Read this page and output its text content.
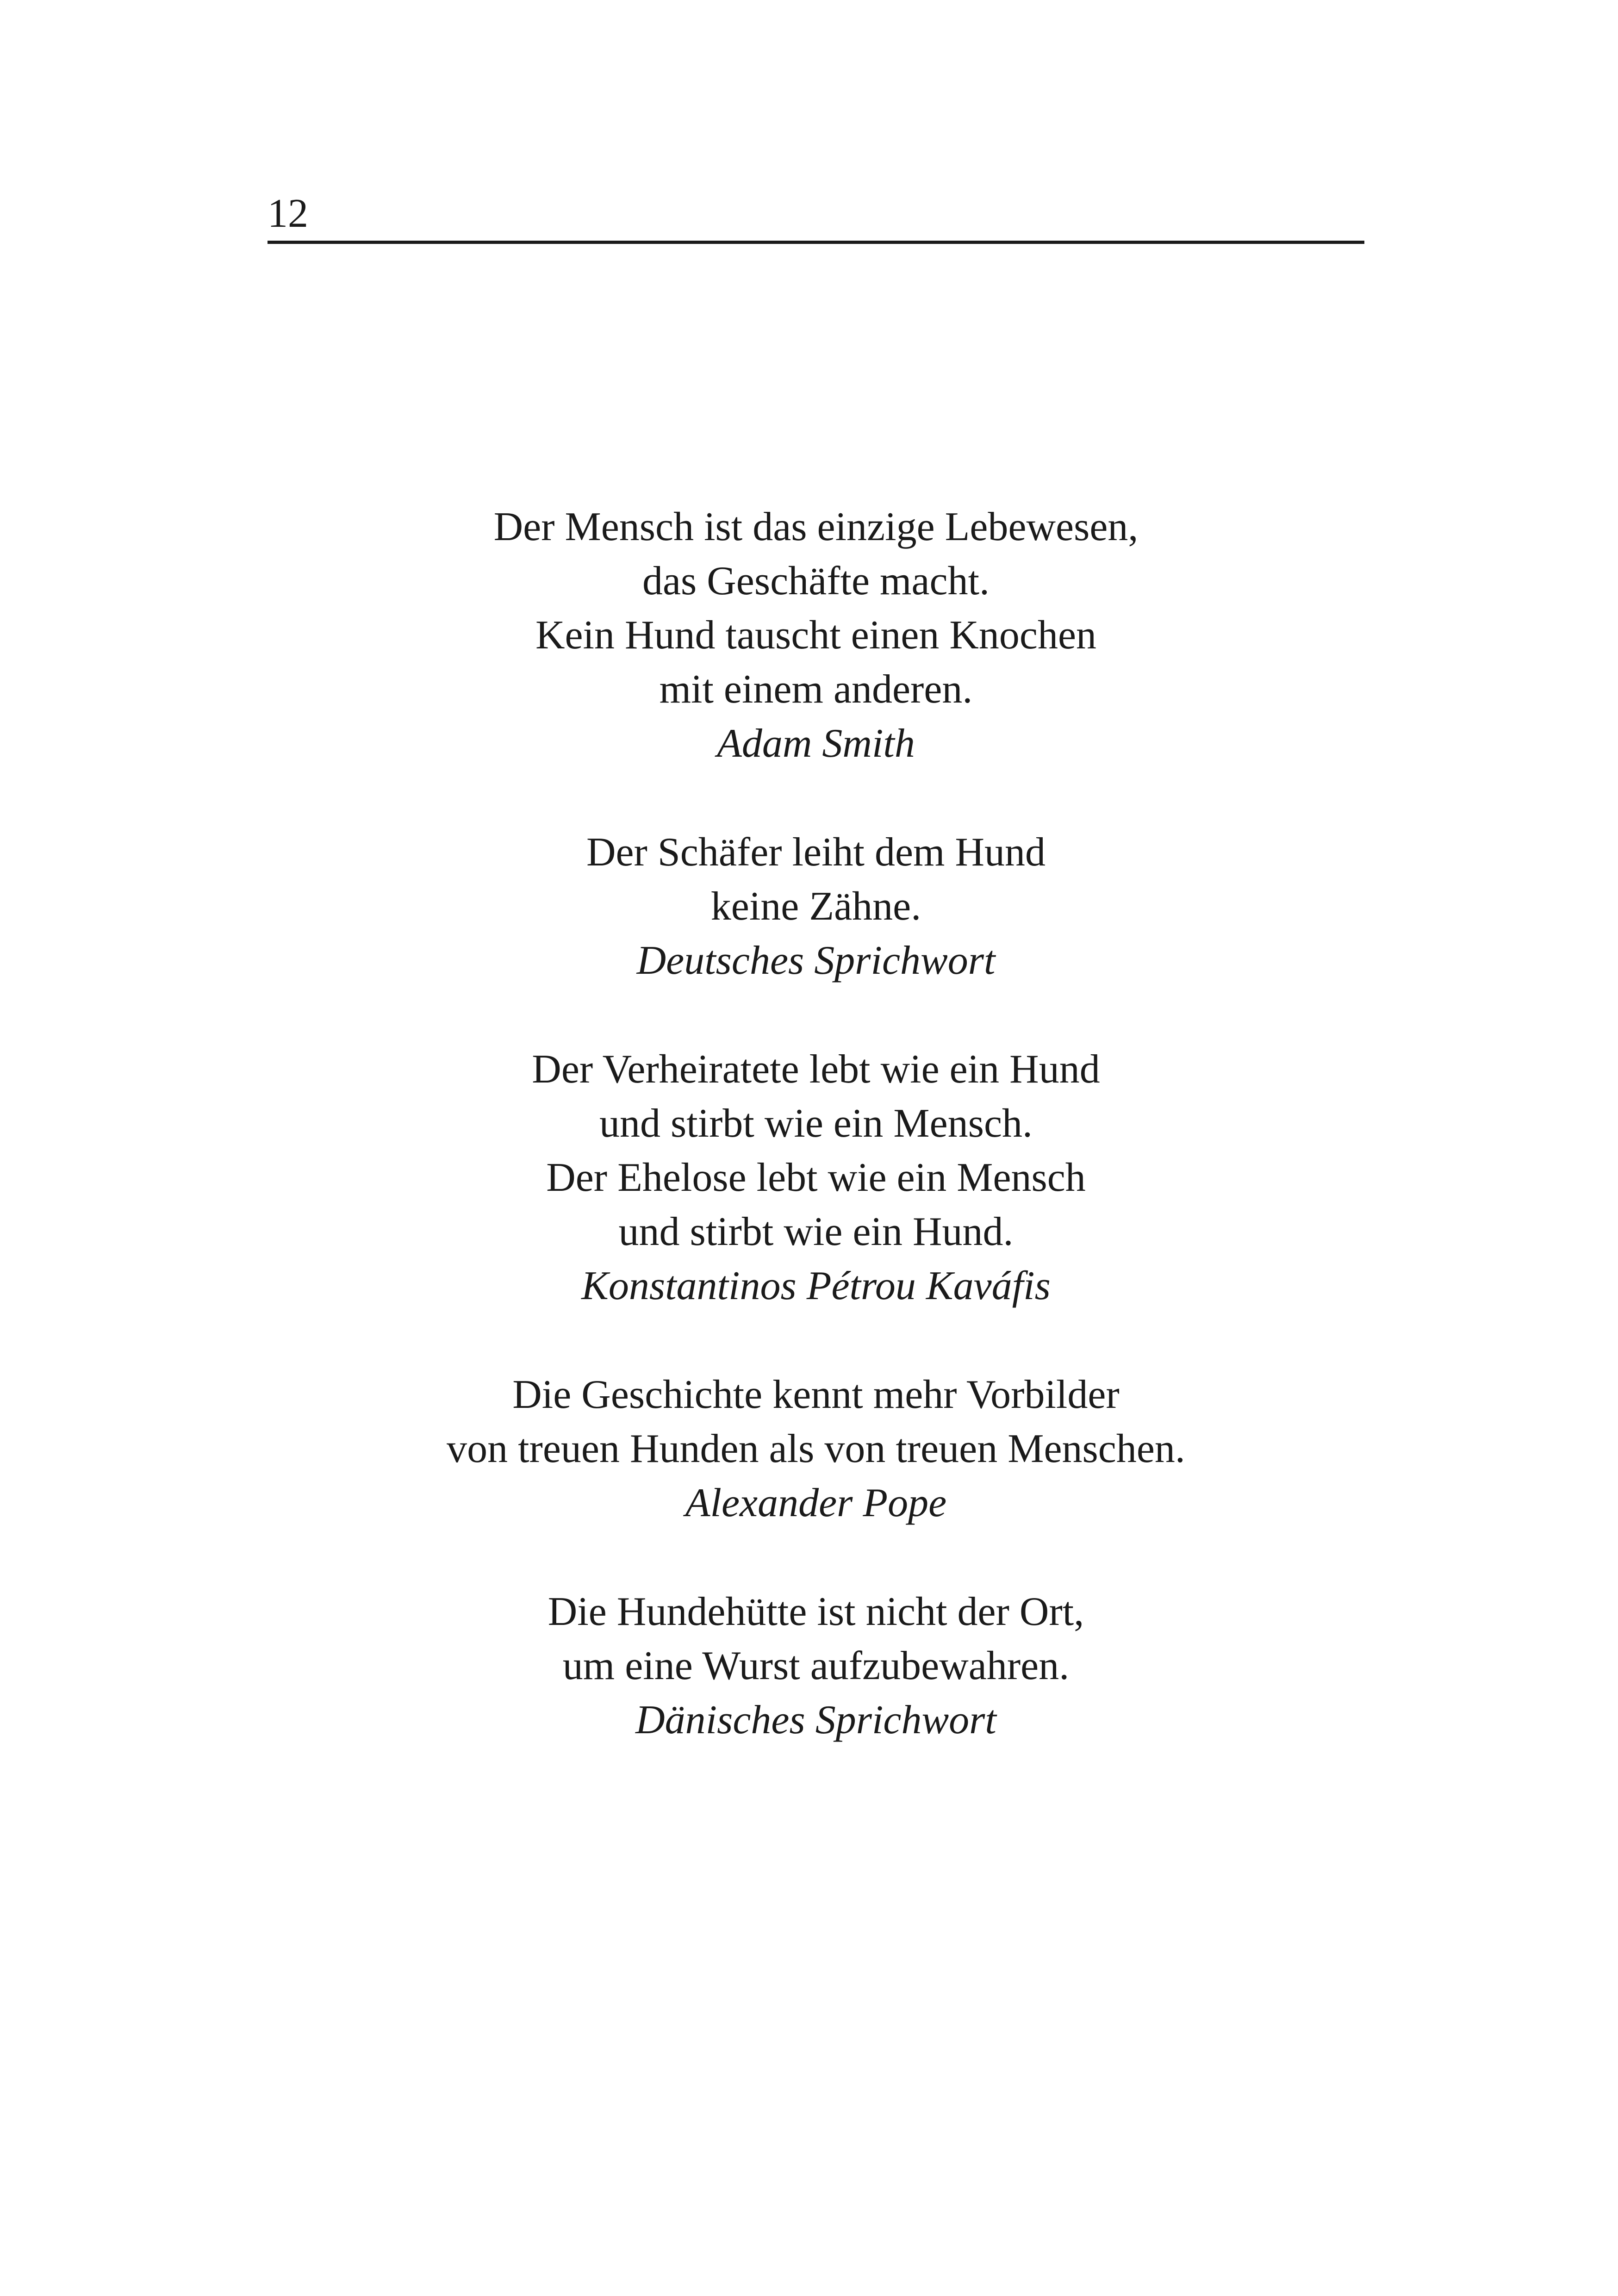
12
Der Mensch ist das einzige Lebewesen,
das Geschäfte macht.
Kein Hund tauscht einen Knochen
mit einem anderen.
Adam Smith
Der Schäfer leiht dem Hund
keine Zähne.
Deutsches Sprichwort
Der Verheiratete lebt wie ein Hund
und stirbt wie ein Mensch.
Der Ehelose lebt wie ein Mensch
und stirbt wie ein Hund.
Konstantinos Pétrou Kaváfis
Die Geschichte kennt mehr Vorbilder
von treuen Hunden als von treuen Menschen.
Alexander Pope
Die Hundehütte ist nicht der Ort,
um eine Wurst aufzubewahren.
Dänisches Sprichwort
